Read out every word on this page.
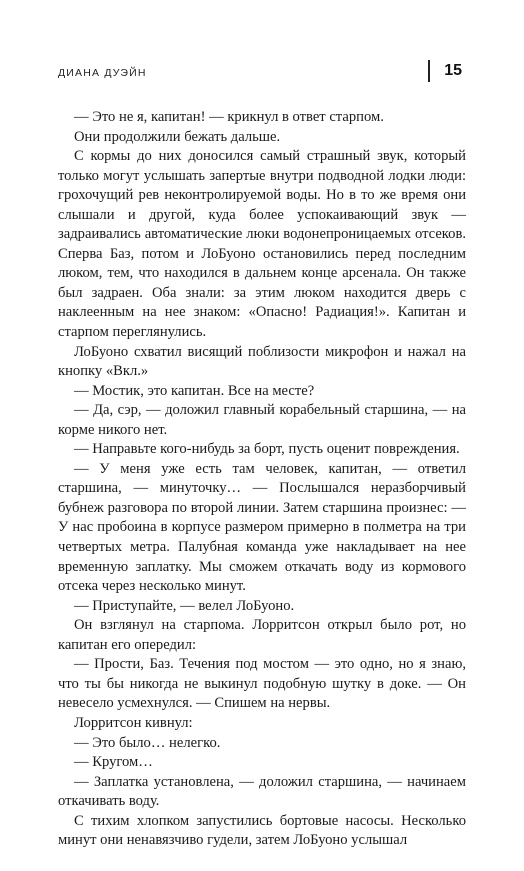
ДИАНА ДУЭЙН	15

— Это не я, капитан! — крикнул в ответ старпом.

Они продолжили бежать дальше.

С кормы до них доносился самый страшный звук, который только могут услышать запертые внутри подводной лодки люди: грохочущий рев неконтролируемой воды. Но в то же время они слышали и другой, куда более успокаивающий звук — задраивались автоматические люки водонепроницаемых отсеков. Сперва Баз, потом и ЛоБуоно остановились перед последним люком, тем, что находился в дальнем конце арсенала. Он также был задраен. Оба знали: за этим люком находится дверь с наклеенным на нее знаком: «Опасно! Радиация!». Капитан и старпом переглянулись.

ЛоБуоно схватил висящий поблизости микрофон и нажал на кнопку «Вкл.»

— Мостик, это капитан. Все на месте?

— Да, сэр, — доложил главный корабельный старшина, — на корме никого нет.

— Направьте кого-нибудь за борт, пусть оценит повреждения.

— У меня уже есть там человек, капитан, — ответил старшина, — минуточку… — Послышался неразборчивый бубнеж разговора по второй линии. Затем старшина произнес: — У нас пробоина в корпусе размером примерно в полметра на три четвертых метра. Палубная команда уже накладывает на нее временную заплатку. Мы сможем откачать воду из кормового отсека через несколько минут.

— Приступайте, — велел ЛоБуоно.

Он взглянул на старпома. Лорритсон открыл было рот, но капитан его опередил:

— Прости, Баз. Течения под мостом — это одно, но я знаю, что ты бы никогда не выкинул подобную шутку в доке. — Он невесело усмехнулся. — Спишем на нервы.

Лорритсон кивнул:

— Это было… нелегко.

— Кругом…

— Заплатка установлена, — доложил старшина, — начинаем откачивать воду.

С тихим хлопком запустились бортовые насосы. Несколько минут они ненавязчиво гудели, затем ЛоБуоно услышал
